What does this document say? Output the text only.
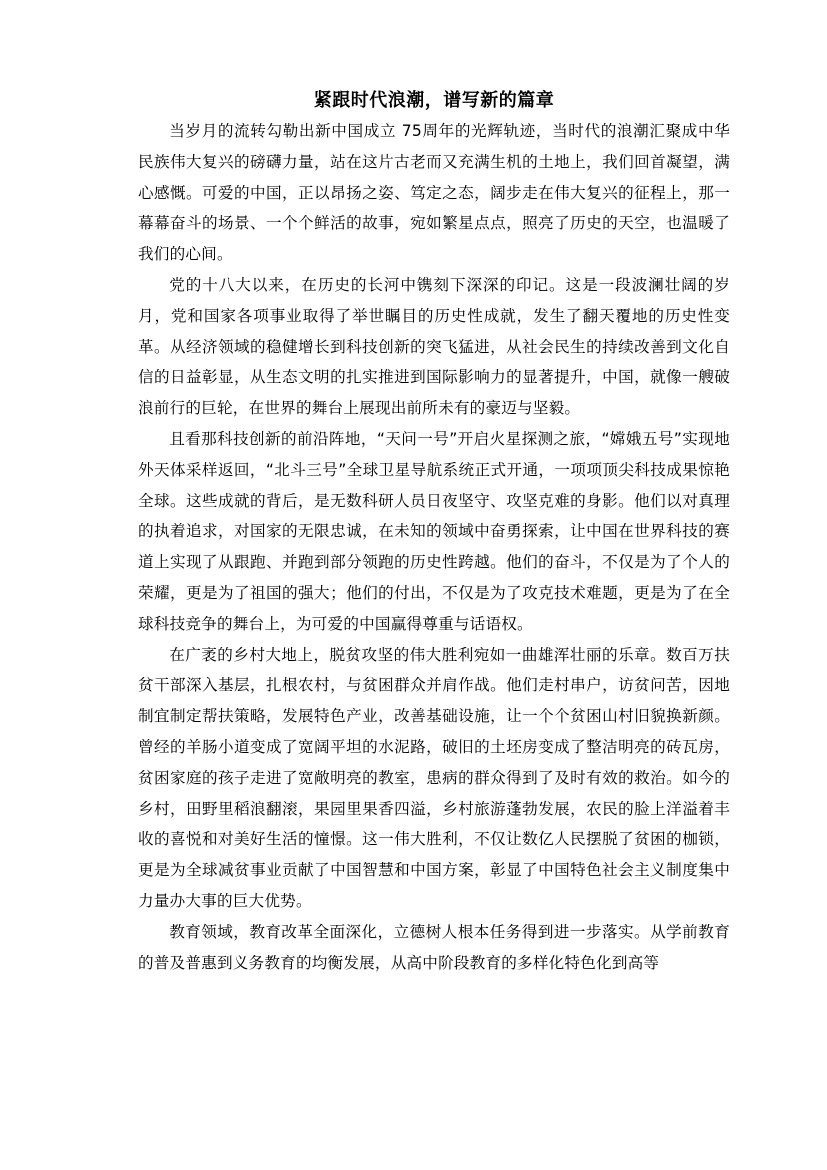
紧跟时代浪潮，谱写新的篇章

当岁月的流转勾勒出新中国成立 75周年的光辉轨迹，当时代的浪潮汇聚成中华民族伟大复兴的磅礴力量，站在这片古老而又充满生机的土地上，我们回首凝望，满心感慨。可爱的中国，正以昂扬之姿、笃定之态，阔步走在伟大复兴的征程上，那一幕幕奋斗的场景、一个个鲜活的故事，宛如繁星点点，照亮了历史的天空，也温暖了我们的心间。

党的十八大以来，在历史的长河中镌刻下深深的印记。这是一段波澜壮阔的岁月，党和国家各项事业取得了举世瞩目的历史性成就，发生了翻天覆地的历史性变革。从经济领域的稳健增长到科技创新的突飞猛进，从社会民生的持续改善到文化自信的日益彰显，从生态文明的扎实推进到国际影响力的显著提升，中国，就像一艘破浪前行的巨轮，在世界的舞台上展现出前所未有的豪迈与坚毅。

且看那科技创新的前沿阵地，“天问一号”开启火星探测之旅，“嫦娥五号”实现地外天体采样返回，“北斗三号”全球卫星导航系统正式开通，一项项顶尖科技成果惊艳全球。这些成就的背后，是无数科研人员日夜坚守、攻坚克难的身影。他们以对真理的执着追求，对国家的无限忠诚，在未知的领域中奋勇探索，让中国在世界科技的赛道上实现了从跟跑、并跑到部分领跑的历史性跨越。他们的奋斗，不仅是为了个人的荣耀，更是为了祖国的强大；他们的付出，不仅是为了攻克技术难题，更是为了在全球科技竞争的舞台上，为可爱的中国赢得尊重与话语权。

在广袤的乡村大地上，脱贫攻坚的伟大胜利宛如一曲雄浑壮丽的乐章。数百万扶贫干部深入基层，扎根农村，与贫困群众并肩作战。他们走村串户，访贫问苦，因地制宜制定帮扶策略，发展特色产业，改善基础设施，让一个个贫困山村旧貌换新颜。曾经的羊肠小道变成了宽阔平坦的水泥路，破旧的土坯房变成了整洁明亮的砖瓦房，贫困家庭的孩子走进了宽敞明亮的教室，患病的群众得到了及时有效的救治。如今的乡村，田野里稻浪翻滚，果园里果香四溢，乡村旅游蓬勃发展，农民的脸上洋溢着丰收的喜悦和对美好生活的憧憬。这一伟大胜利，不仅让数亿人民摆脱了贫困的枷锁，更是为全球减贫事业贡献了中国智慧和中国方案，彰显了中国特色社会主义制度集中力量办大事的巨大优势。

教育领域，教育改革全面深化，立德树人根本任务得到进一步落实。从学前教育的普及普惠到义务教育的均衡发展，从高中阶段教育的多样化特色化到高等
